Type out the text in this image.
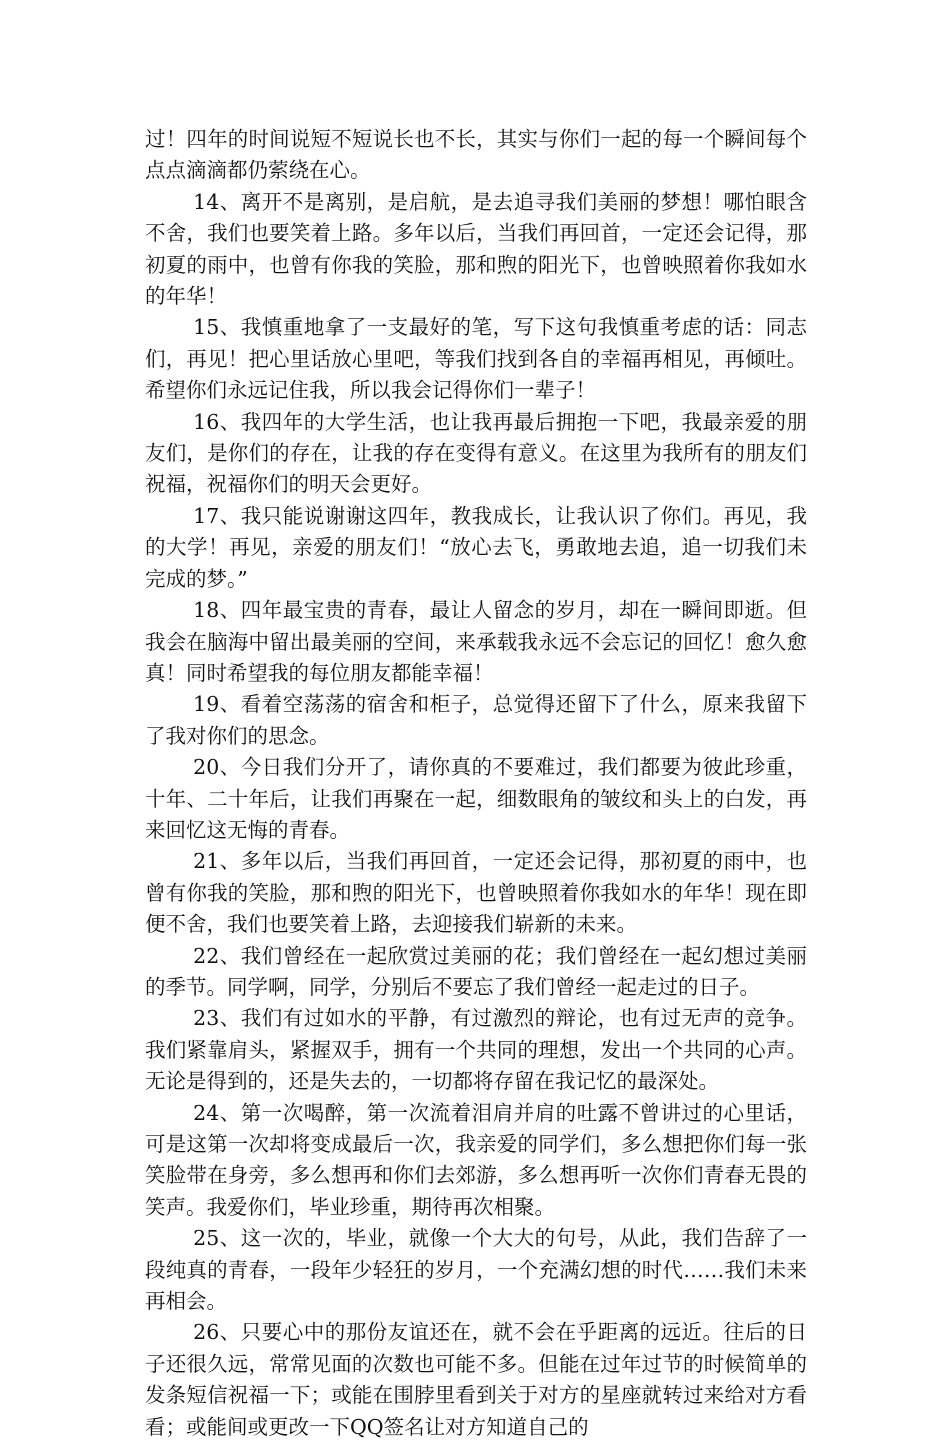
过！四年的时间说短不短说长也不长，其实与你们一起的每一个瞬间每个点点滴滴都仍萦绕在心。

14、离开不是离别，是启航，是去追寻我们美丽的梦想！哪怕眼含不舍，我们也要笑着上路。多年以后，当我们再回首，一定还会记得，那初夏的雨中，也曾有你我的笑脸，那和煦的阳光下，也曾映照着你我如水的年华！

15、我慎重地拿了一支最好的笔，写下这句我慎重考虑的话：同志们，再见！把心里话放心里吧，等我们找到各自的幸福再相见，再倾吐。希望你们永远记住我，所以我会记得你们一辈子！

16、我四年的大学生活，也让我再最后拥抱一下吧，我最亲爱的朋友们，是你们的存在，让我的存在变得有意义。在这里为我所有的朋友们祝福，祝福你们的明天会更好。

17、我只能说谢谢这四年，教我成长，让我认识了你们。再见，我的大学！再见，亲爱的朋友们！“放心去飞，勇敢地去追，追一切我们未完成的梦。”

18、四年最宝贵的青春，最让人留念的岁月，却在一瞬间即逝。但我会在脑海中留出最美丽的空间，来承载我永远不会忘记的回忆！愈久愈真！同时希望我的每位朋友都能幸福！

19、看着空荡荡的宿舍和柜子，总觉得还留下了什么，原来我留下了我对你们的思念。

20、今日我们分开了，请你真的不要难过，我们都要为彼此珍重，十年、二十年后，让我们再聚在一起，细数眼角的皱纹和头上的白发，再来回忆这无悔的青春。

21、多年以后，当我们再回首，一定还会记得，那初夏的雨中，也曾有你我的笑脸，那和煦的阳光下，也曾映照着你我如水的年华！现在即便不舍，我们也要笑着上路，去迎接我们崭新的未来。

22、我们曾经在一起欣赏过美丽的花；我们曾经在一起幻想过美丽的季节。同学啊，同学，分别后不要忘了我们曾经一起走过的日子。

23、我们有过如水的平静，有过激烈的辩论，也有过无声的竞争。我们紧靠肩头，紧握双手，拥有一个共同的理想，发出一个共同的心声。无论是得到的，还是失去的，一切都将存留在我记忆的最深处。

24、第一次喝醉，第一次流着泪肩并肩的吐露不曾讲过的心里话，可是这第一次却将变成最后一次，我亲爱的同学们，多么想把你们每一张笑脸带在身旁，多么想再和你们去郊游，多么想再听一次你们青春无畏的笑声。我爱你们，毕业珍重，期待再次相聚。

25、这一次的，毕业，就像一个大大的句号，从此，我们告辞了一段纯真的青春，一段年少轻狂的岁月，一个充满幻想的时代……我们未来再相会。

26、只要心中的那份友谊还在，就不会在乎距离的远近。往后的日子还很久远，常常见面的次数也可能不多。但能在过年过节的时候简单的发条短信祝福一下；或能在围脖里看到关于对方的星座就转过来给对方看看；或能间或更改一下QQ签名让对方知道自己的
